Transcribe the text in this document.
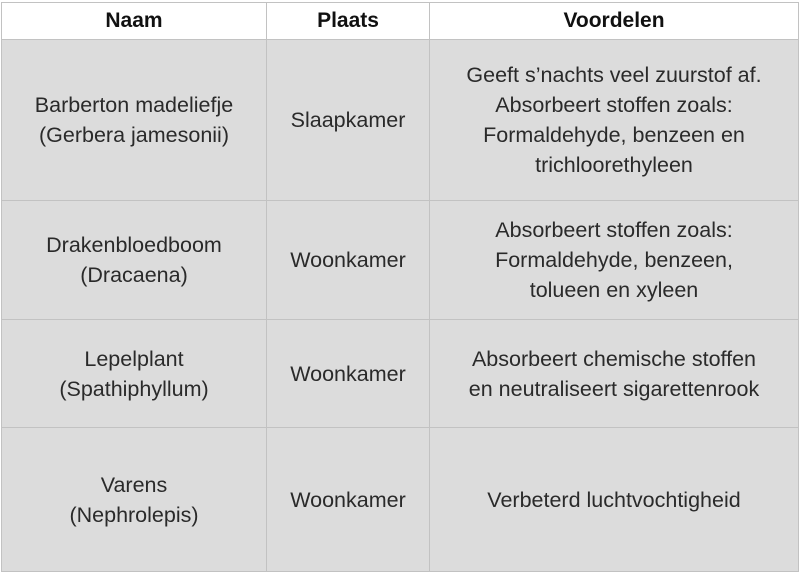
Naam	Plaats	Voordelen

Barberton madeliefje
(Gerbera jamesonii)	Slaapkamer	Geeft s’nachts veel zuurstof af.
Absorbeert stoffen zoals:
Formaldehyde, benzeen en
trichloorethyleen

Drakenbloedboom
(Dracaena)	Woonkamer	Absorbeert stoffen zoals:
Formaldehyde, benzeen,
tolueen en xyleen

Lepelplant
(Spathiphyllum)	Woonkamer	Absorbeert chemische stoffen
en neutraliseert sigarettenrook

Varens
(Nephrolepis)	Woonkamer	Verbeterd luchtvochtigheid
